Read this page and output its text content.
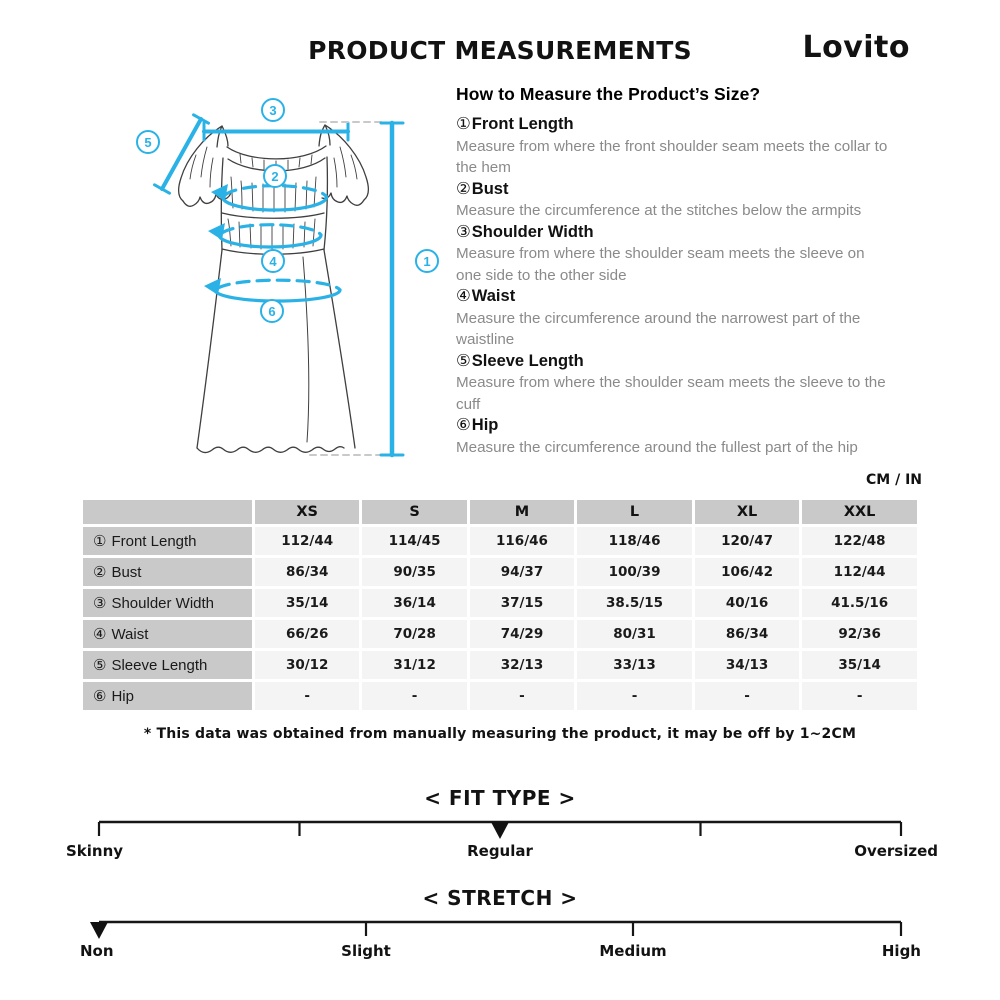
PRODUCT MEASUREMENTS	Lovito
5
3
2
4
6
1
How to Measure the Product’s Size?
①Front Length
Measure from where the front shoulder seam meets the collar to the hem
②Bust
Measure the circumference at the stitches below the armpits
③Shoulder Width
Measure from where the shoulder seam meets the sleeve on one side to the other side
④Waist
Measure the circumference around the narrowest part of the waistline
⑤Sleeve Length
Measure from where the shoulder seam meets the sleeve to the cuff
⑥Hip
Measure the circumference around the fullest part of the hip
CM / IN
	XS	S	M	L	XL	XXL
① Front Length	112/44	114/45	116/46	118/46	120/47	122/48
② Bust	86/34	90/35	94/37	100/39	106/42	112/44
③ Shoulder Width	35/14	36/14	37/15	38.5/15	40/16	41.5/16
④ Waist	66/26	70/28	74/29	80/31	86/34	92/36
⑤ Sleeve Length	30/12	31/12	32/13	33/13	34/13	35/14
⑥ Hip	-	-	-	-	-	-
* This data was obtained from manually measuring the product, it may be off by 1~2CM
< FIT TYPE >
Skinny	Regular	Oversized
< STRETCH >
Non	Slight	Medium	High
